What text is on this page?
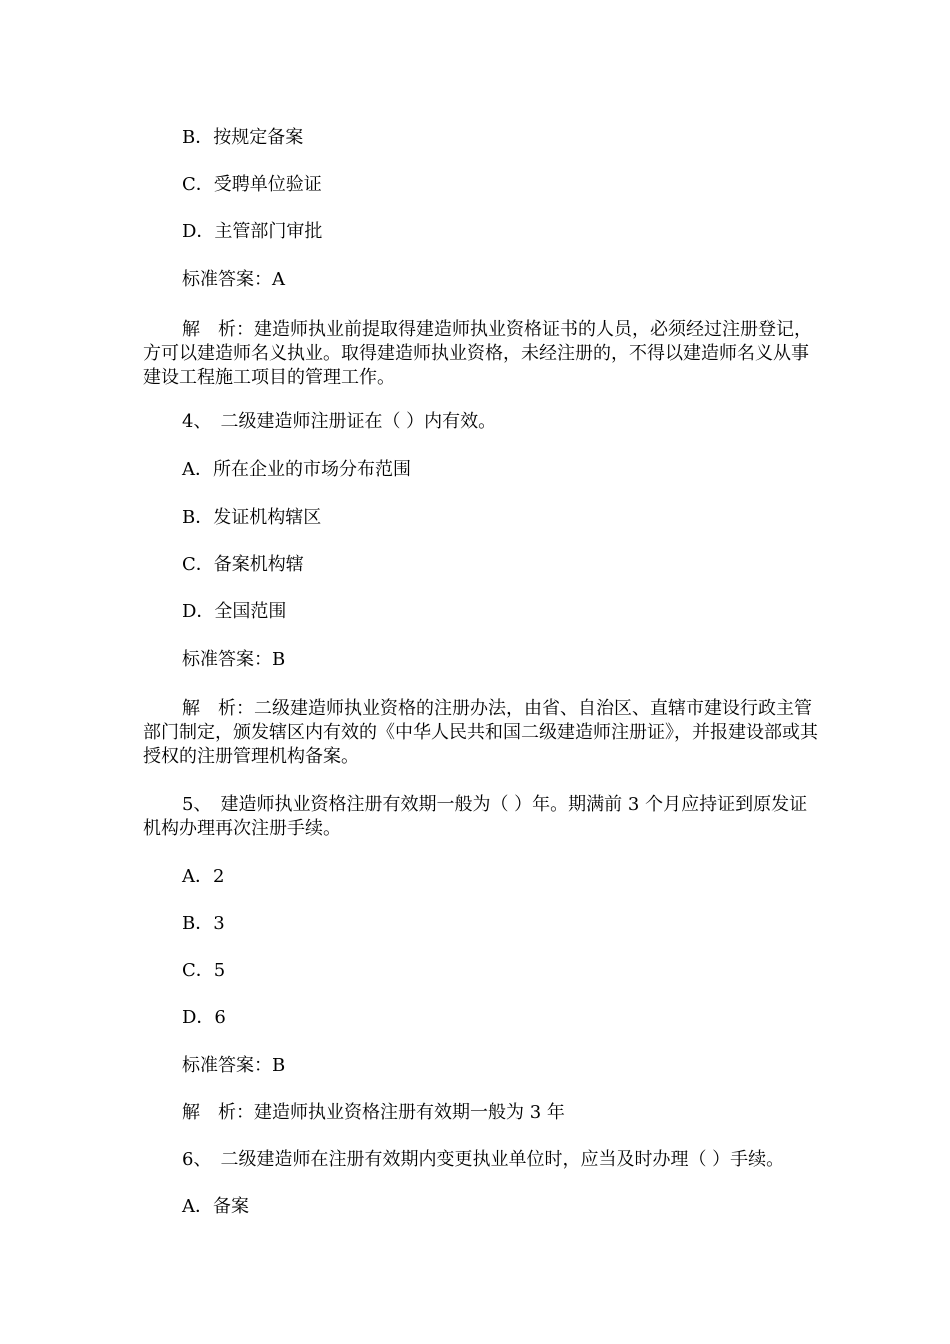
B．按规定备案
C．受聘单位验证
D．主管部门审批
标准答案：A
解　析：建造师执业前提取得建造师执业资格证书的人员，必须经过注册登记，方可以建造师名义执业。取得建造师执业资格，未经注册的，不得以建造师名义从事建设工程施工项目的管理工作。
4、　二级建造师注册证在（ ）内有效。
A．所在企业的市场分布范围
B．发证机构辖区
C．备案机构辖
D．全国范围
标准答案：B
解　析：二级建造师执业资格的注册办法，由省、自治区、直辖市建设行政主管部门制定，颁发辖区内有效的《中华人民共和国二级建造师注册证》，并报建设部或其授权的注册管理机构备案。
5、　建造师执业资格注册有效期一般为（ ）年。期满前 3 个月应持证到原发证机构办理再次注册手续。
A．2
B．3
C．5
D．6
标准答案：B
解　析：建造师执业资格注册有效期一般为 3 年
6、　二级建造师在注册有效期内变更执业单位时，应当及时办理（ ）手续。
A．备案
